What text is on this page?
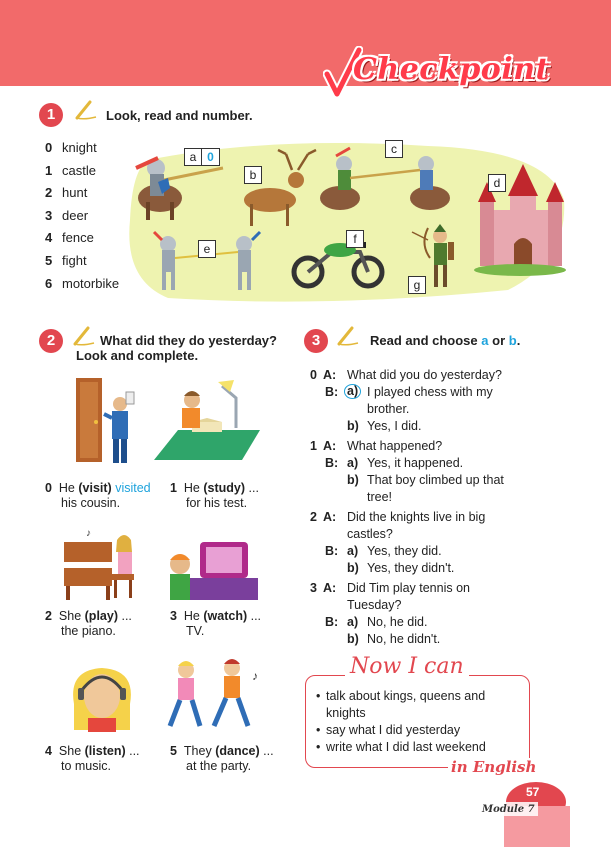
Checkpoint
1	Look, read and number.
0 knight
1 castle
2 hunt
3 deer
4 fence
5 fight
6 motorbike
a 0
b
c
d
e
f
g
2	What did they do yesterday?
Look and complete.
0 He (visit) visited
his cousin.
1 He (study) ...
for his test.
♪
2 She (play) ...
the piano.
3 He (watch) ...
TV.
♪
4 She (listen) ...
to music.
5 They (dance) ...
at the party.
3	Read and choose a or b.
0 A: What did you do yesterday?
B: a) I played chess with my
brother.
b) Yes, I did.
1 A: What happened?
B: a) Yes, it happened.
b) That boy climbed up that
tree!
2 A: Did the knights live in big
castles?
B: a) Yes, they did.
b) Yes, they didn't.
3 A: Did Tim play tennis on
Tuesday?
B: a) No, he did.
b) No, he didn't.
Now I can
• talk about kings, queens and
knights
• say what I did yesterday
• write what I did last weekend
in English
57
Module 7
